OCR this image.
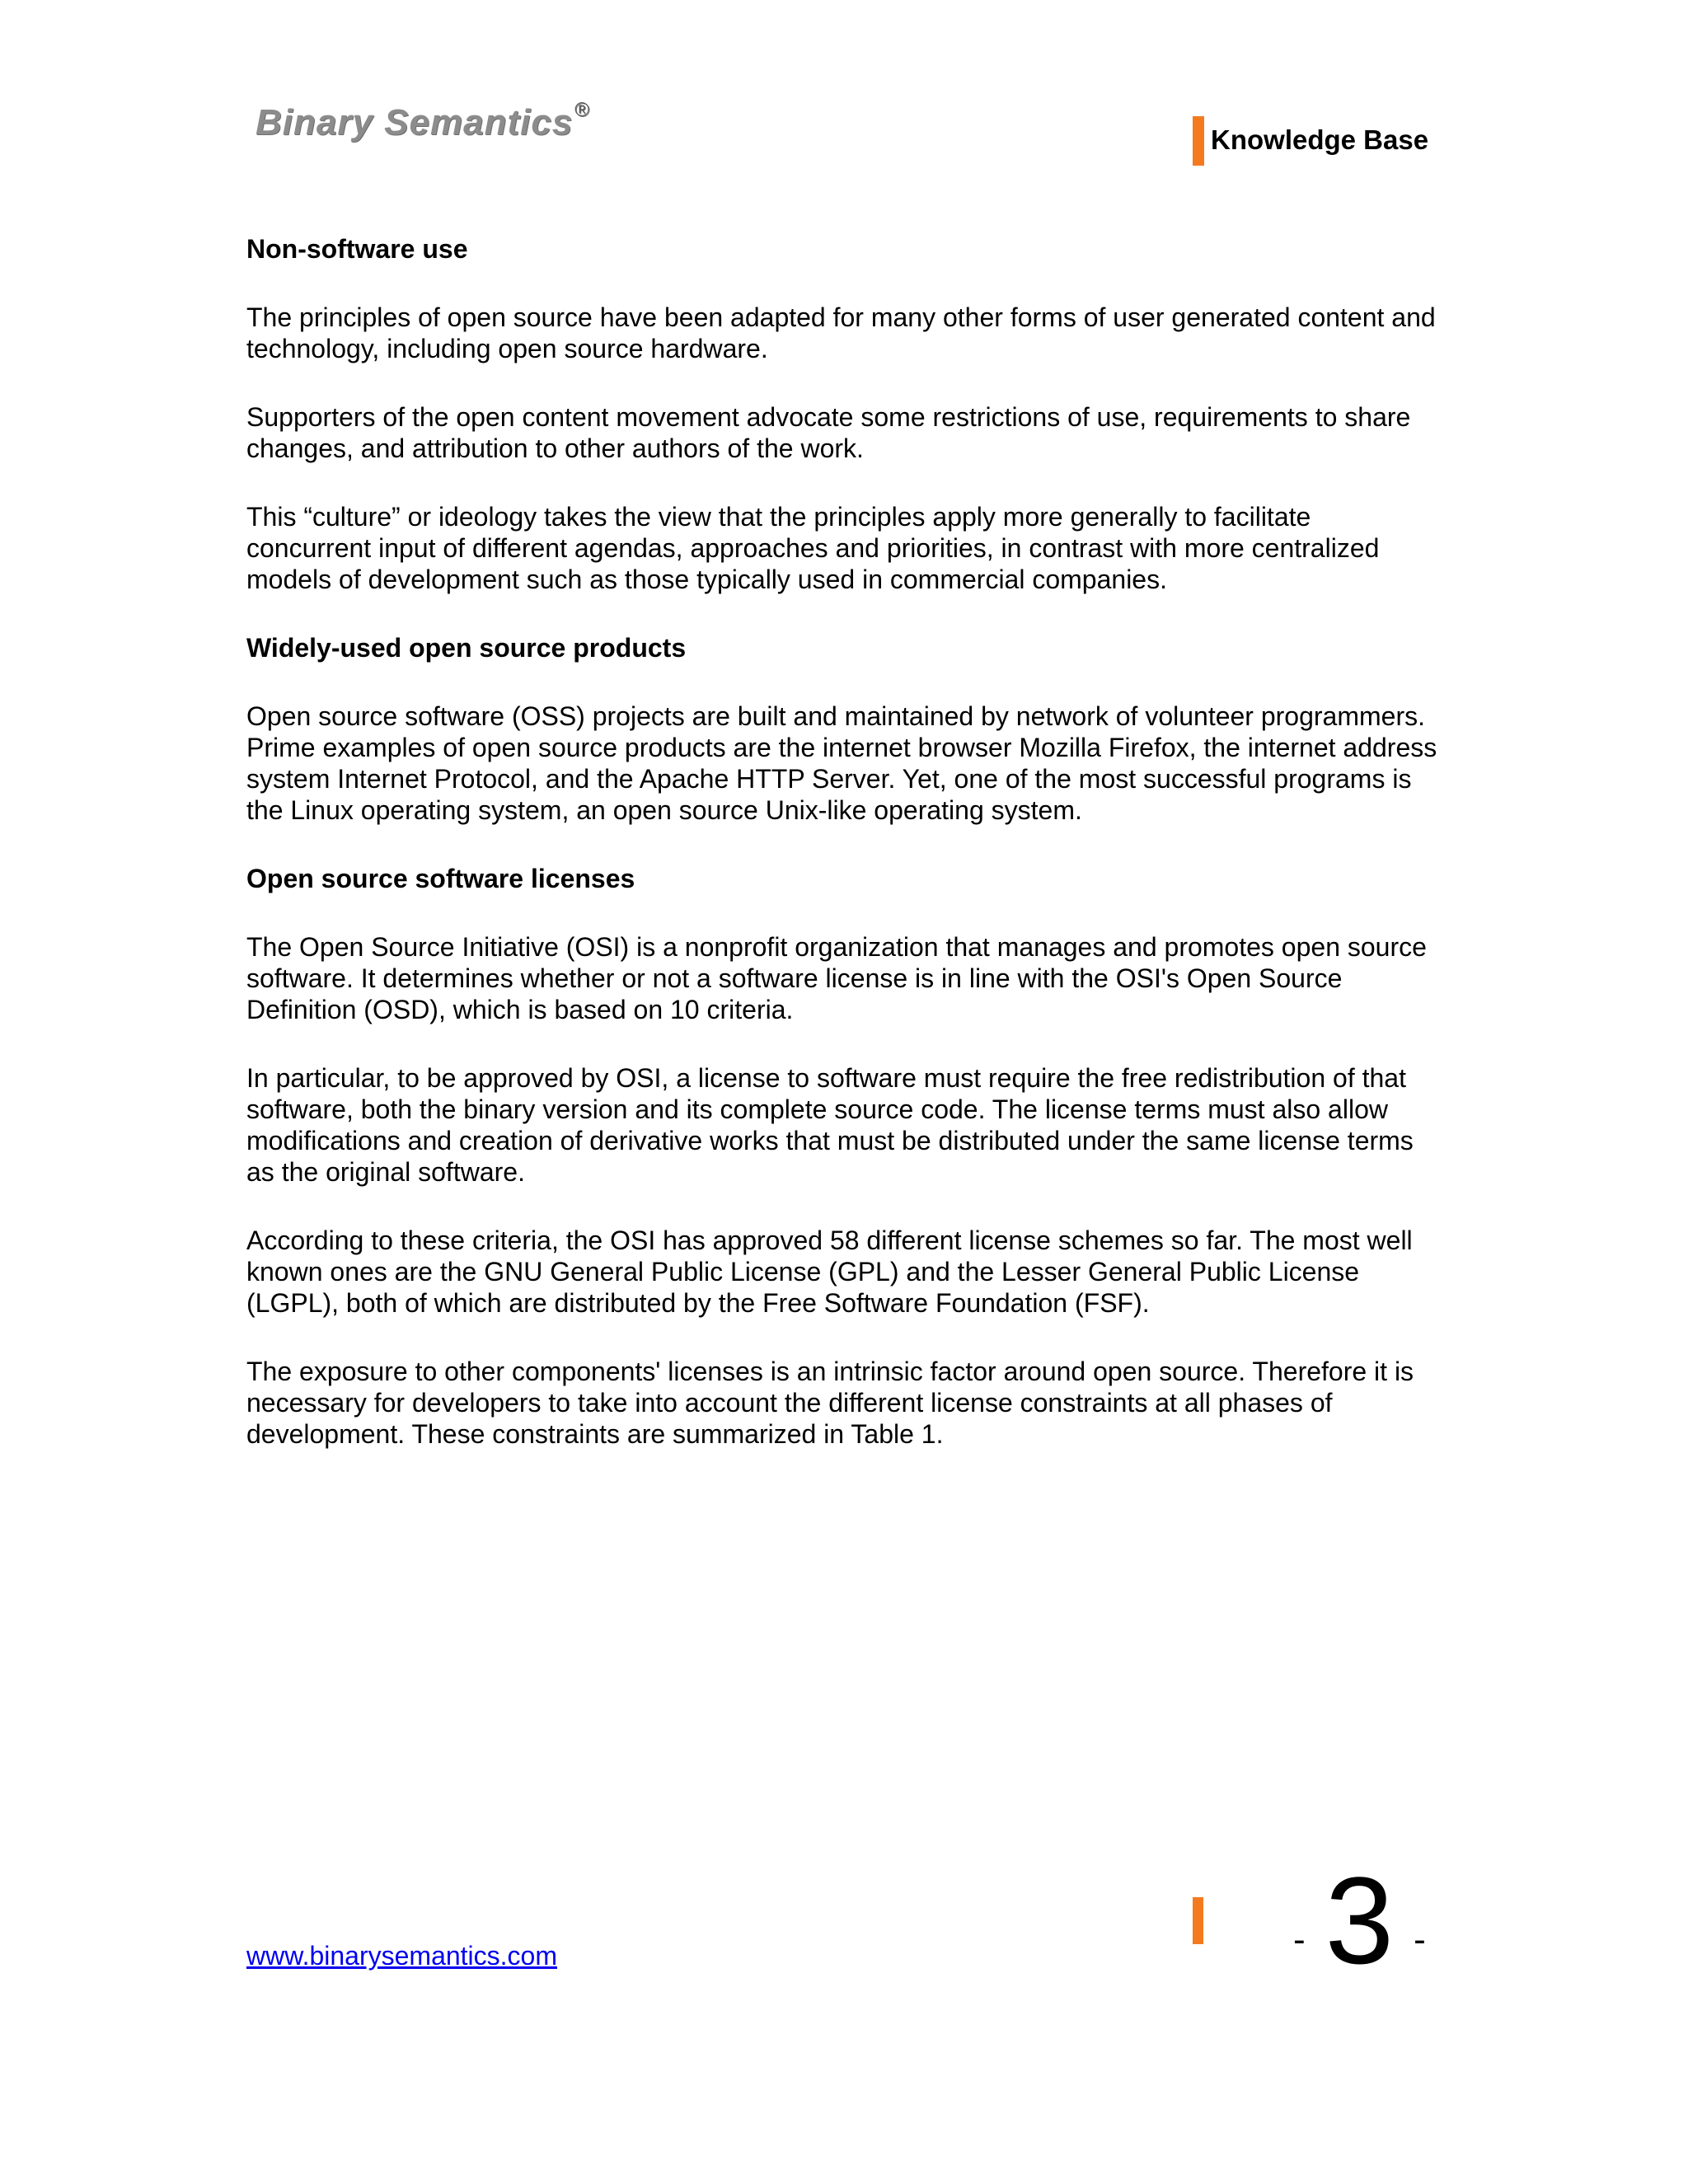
Binary Semantics®
Knowledge Base
Non-software use

The principles of open source have been adapted for many other forms of user generated content and technology, including open source hardware.

Supporters of the open content movement advocate some restrictions of use, requirements to share changes, and attribution to other authors of the work.

This “culture” or ideology takes the view that the principles apply more generally to facilitate concurrent input of different agendas, approaches and priorities, in contrast with more centralized models of development such as those typically used in commercial companies.

Widely-used open source products

Open source software (OSS) projects are built and maintained by network of volunteer programmers. Prime examples of open source products are the internet browser Mozilla Firefox, the internet address system Internet Protocol, and the Apache HTTP Server. Yet, one of the most successful programs is the Linux operating system, an open source Unix-like operating system.

Open source software licenses

The Open Source Initiative (OSI) is a nonprofit organization that manages and promotes open source software. It determines whether or not a software license is in line with the OSI's Open Source Definition (OSD), which is based on 10 criteria.

In particular, to be approved by OSI, a license to software must require the free redistribution of that software, both the binary version and its complete source code. The license terms must also allow modifications and creation of derivative works that must be distributed under the same license terms as the original software.

According to these criteria, the OSI has approved 58 different license schemes so far. The most well known ones are the GNU General Public License (GPL) and the Lesser General Public License (LGPL), both of which are distributed by the Free Software Foundation (FSF).

The exposure to other components' licenses is an intrinsic factor around open source. Therefore it is necessary for developers to take into account the different license constraints at all phases of development. These constraints are summarized in Table 1.

www.binarysemantics.com	- 3 -
